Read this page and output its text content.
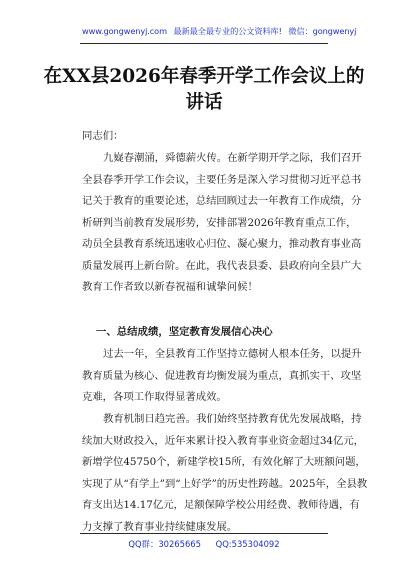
www.gongwenyj.com 最新最全最专业的公文资料库! 微信：gongwenyj
在XX县2026年春季开学工作会议上的
讲话
同志们：
九嶷春潮涌，舜德薪火传。在新学期开学之际，我们召开
全县春季开学工作会议，主要任务是深入学习贯彻习近平总书
记关于教育的重要论述，总结回顾过去一年教育工作成绩，分
析研判当前教育发展形势，安排部署2026年教育重点工作，
动员全县教育系统迅速收心归位、凝心聚力，推动教育事业高
质量发展再上新台阶。在此，我代表县委、县政府向全县广大
教育工作者致以新春祝福和诚挚问候！
一、总结成绩，坚定教育发展信心决心
过去一年，全县教育工作坚持立德树人根本任务，以提升
教育质量为核心、促进教育均衡发展为重点，真抓实干、攻坚
克难，各项工作取得显著成效。
教育机制日趋完善。我们始终坚持教育优先发展战略，持
续加大财政投入，近年来累计投入教育事业资金超过34亿元，
新增学位45750个，新建学校15所，有效化解了大班额问题，
实现了从“有学上”到“上好学”的历史性跨越。2025年，全县教
育支出达14.17亿元，足额保障学校公用经费、教师待遇，有
力支撑了教育事业持续健康发展。
QQ群：30265665 QQ:535304092
